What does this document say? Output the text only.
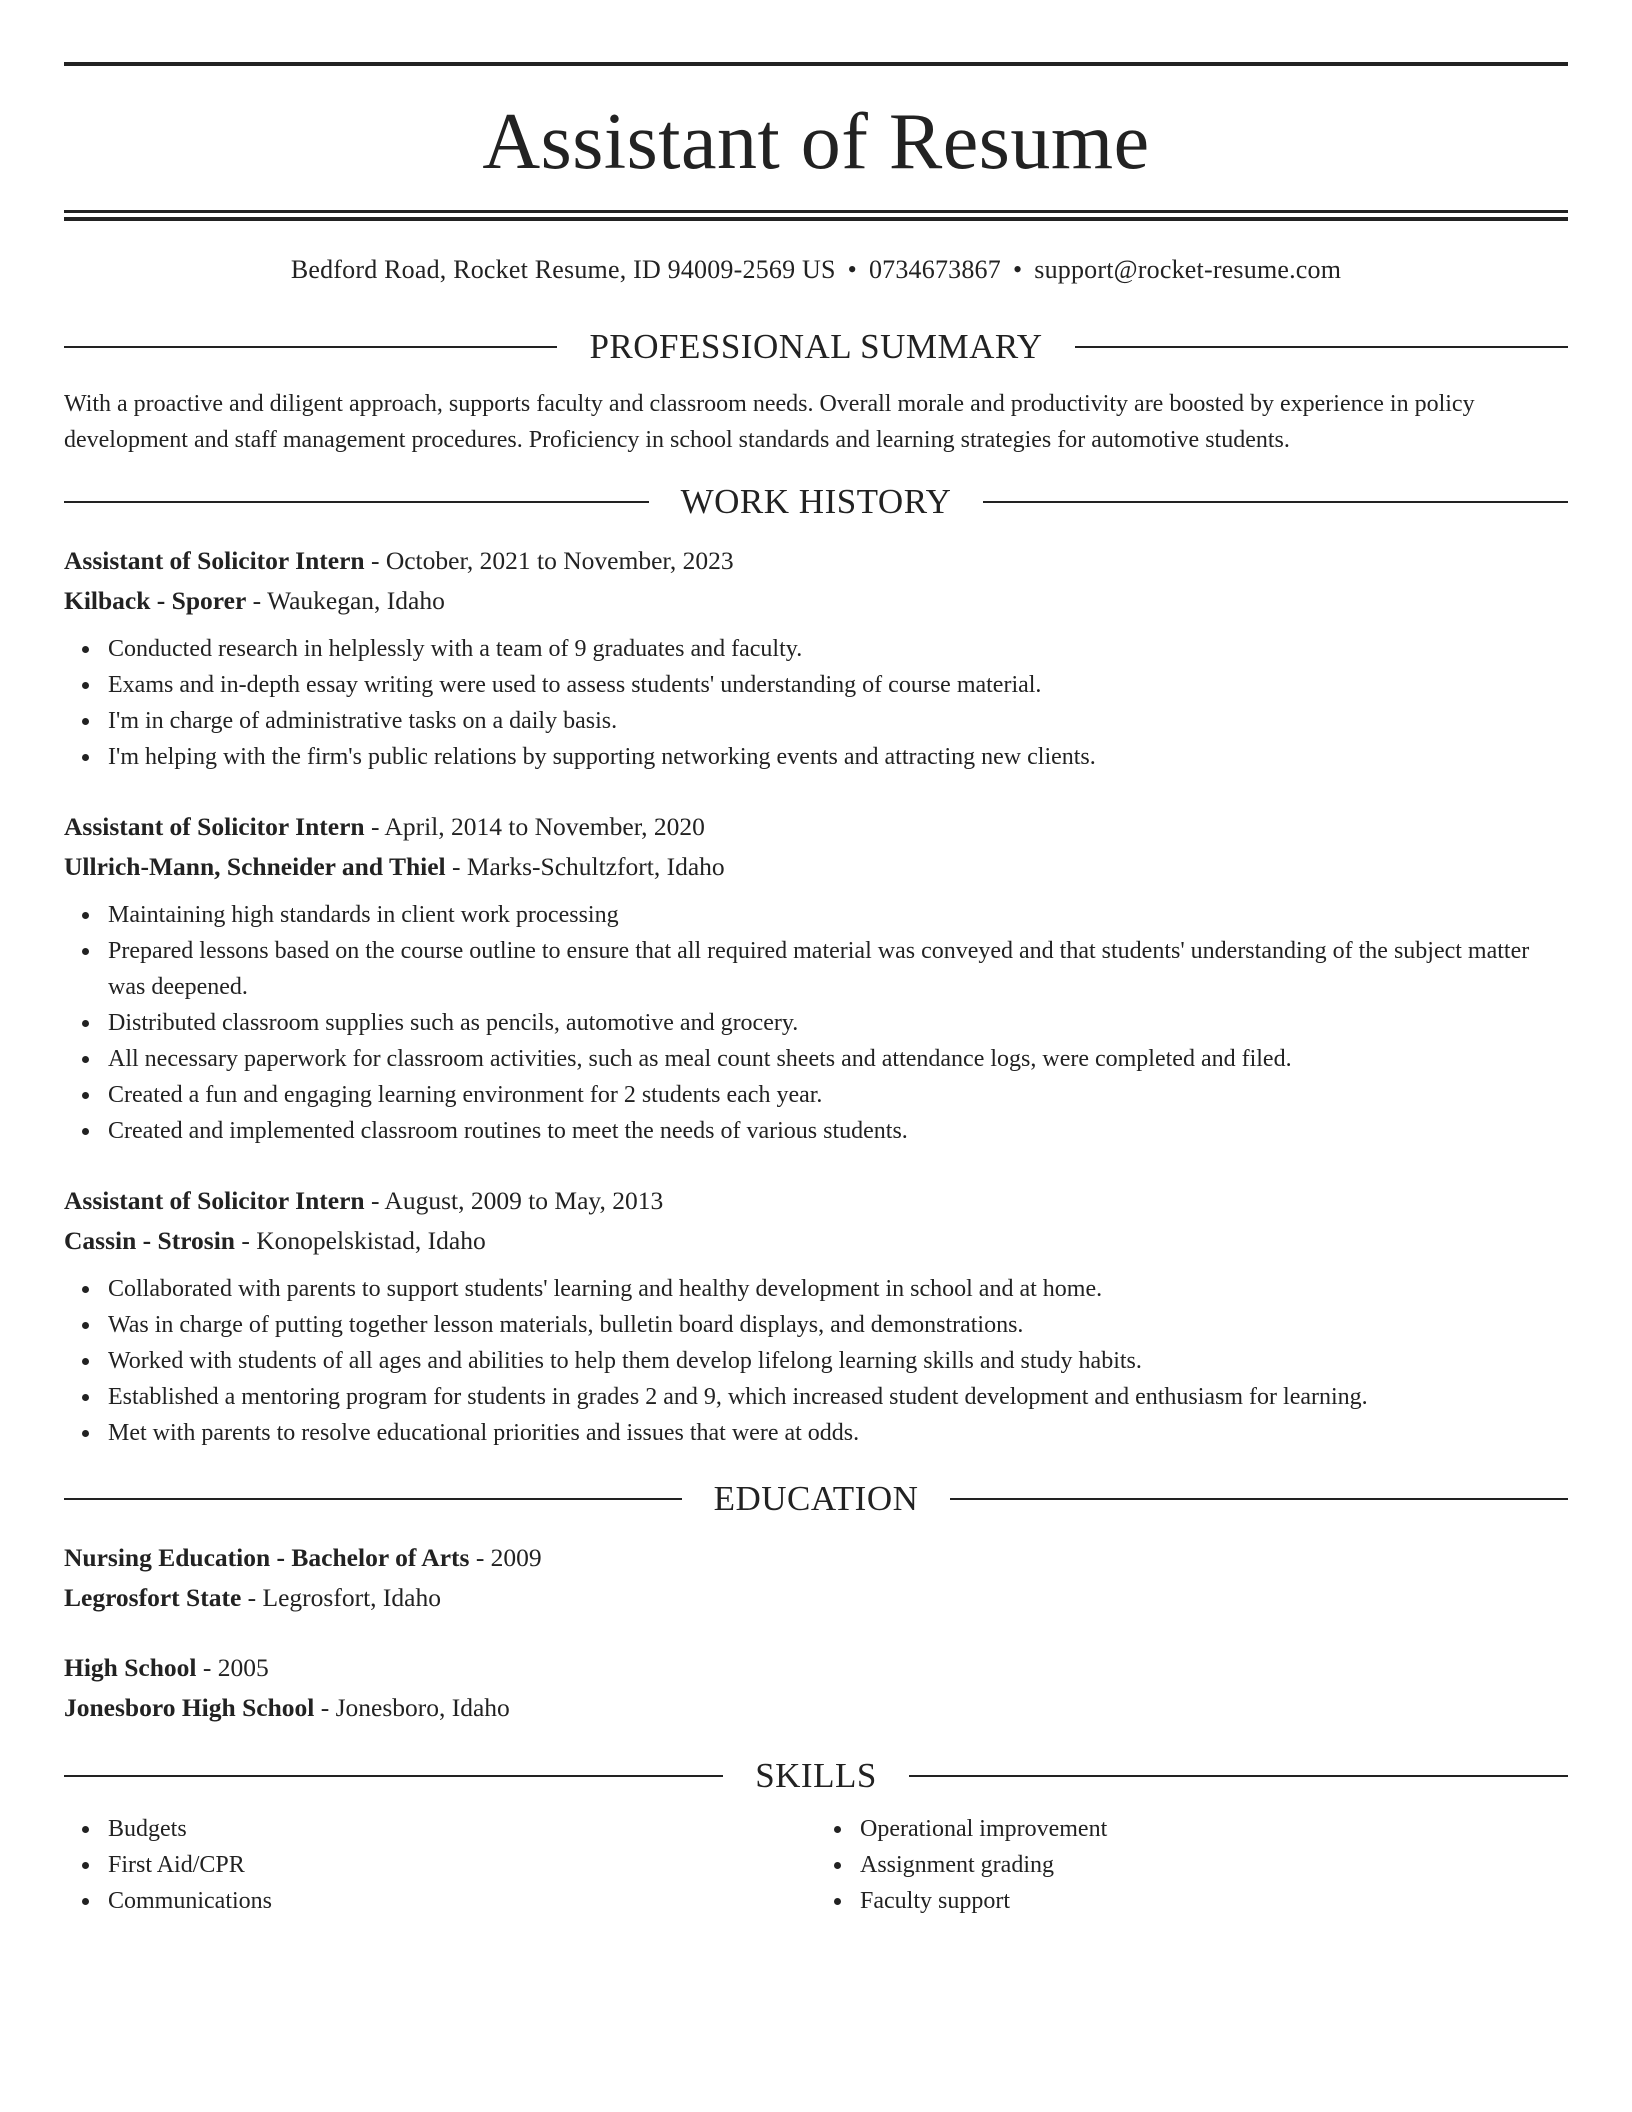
Assistant of Resume
Bedford Road, Rocket Resume, ID 94009-2569 US • 0734673867 • support@rocket-resume.com
PROFESSIONAL SUMMARY
With a proactive and diligent approach, supports faculty and classroom needs. Overall morale and productivity are boosted by experience in policy development and staff management procedures. Proficiency in school standards and learning strategies for automotive students.
WORK HISTORY
Assistant of Solicitor Intern - October, 2021 to November, 2023
Kilback - Sporer - Waukegan, Idaho
Conducted research in helplessly with a team of 9 graduates and faculty.
Exams and in-depth essay writing were used to assess students' understanding of course material.
I'm in charge of administrative tasks on a daily basis.
I'm helping with the firm's public relations by supporting networking events and attracting new clients.
Assistant of Solicitor Intern - April, 2014 to November, 2020
Ullrich-Mann, Schneider and Thiel - Marks-Schultzfort, Idaho
Maintaining high standards in client work processing
Prepared lessons based on the course outline to ensure that all required material was conveyed and that students' understanding of the subject matter was deepened.
Distributed classroom supplies such as pencils, automotive and grocery.
All necessary paperwork for classroom activities, such as meal count sheets and attendance logs, were completed and filed.
Created a fun and engaging learning environment for 2 students each year.
Created and implemented classroom routines to meet the needs of various students.
Assistant of Solicitor Intern - August, 2009 to May, 2013
Cassin - Strosin - Konopelskistad, Idaho
Collaborated with parents to support students' learning and healthy development in school and at home.
Was in charge of putting together lesson materials, bulletin board displays, and demonstrations.
Worked with students of all ages and abilities to help them develop lifelong learning skills and study habits.
Established a mentoring program for students in grades 2 and 9, which increased student development and enthusiasm for learning.
Met with parents to resolve educational priorities and issues that were at odds.
EDUCATION
Nursing Education - Bachelor of Arts - 2009
Legrosfort State - Legrosfort, Idaho
High School - 2005
Jonesboro High School - Jonesboro, Idaho
SKILLS
Budgets
First Aid/CPR
Communications
Operational improvement
Assignment grading
Faculty support
